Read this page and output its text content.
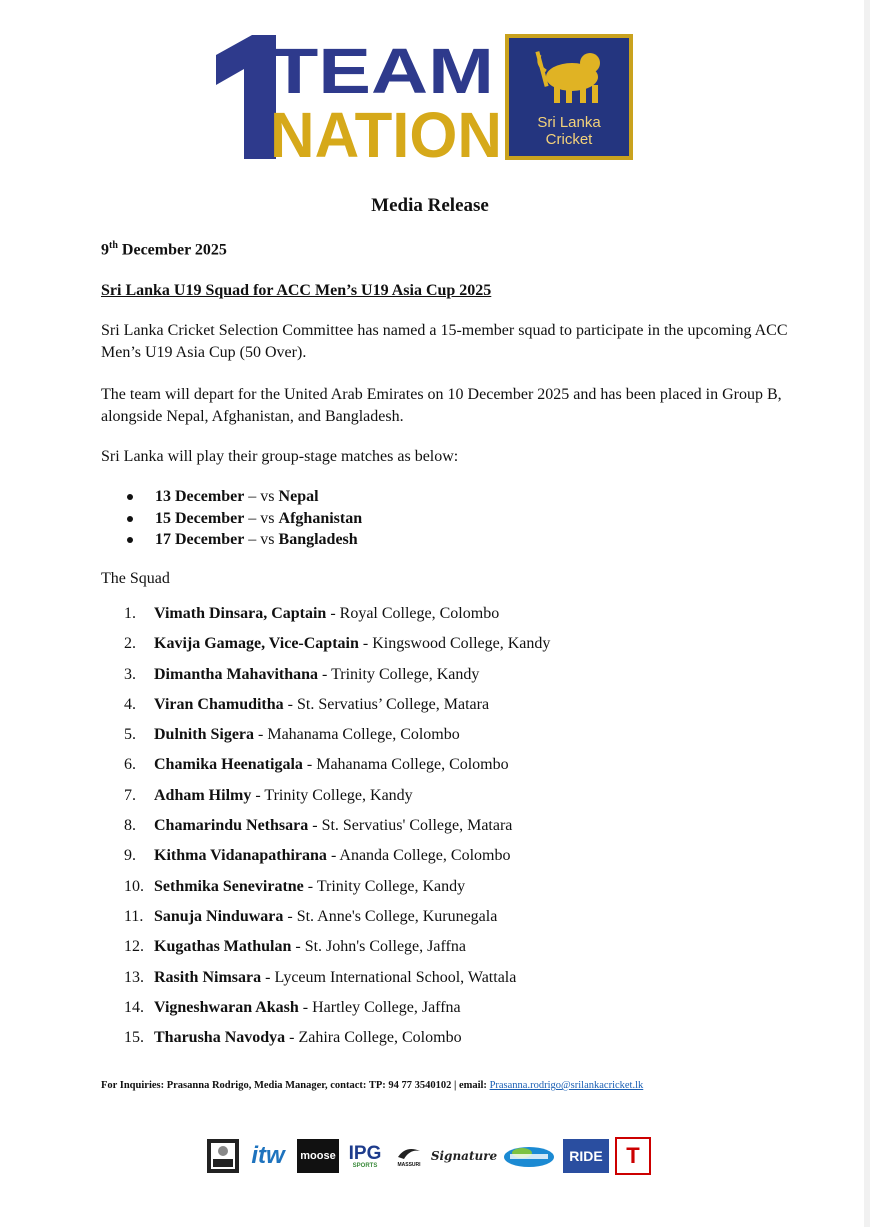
TEAM
NATION Sri Lanka
Cricket
Media Release
9th December 2025
Sri Lanka U19 Squad for ACC Men’s U19 Asia Cup 2025
Sri Lanka Cricket Selection Committee has named a 15-member squad to participate in the upcoming ACC Men’s U19 Asia Cup (50 Over).
The team will depart for the United Arab Emirates on 10 December 2025 and has been placed in Group B, alongside Nepal, Afghanistan, and Bangladesh.
Sri Lanka will play their group-stage matches as below:
13 December – vs Nepal
15 December – vs Afghanistan
17 December – vs Bangladesh
The Squad
1. Vimath Dinsara, Captain - Royal College, Colombo
2. Kavija Gamage, Vice-Captain - Kingswood College, Kandy
3. Dimantha Mahavithana - Trinity College, Kandy
4. Viran Chamuditha - St. Servatius’ College, Matara
5. Dulnith Sigera - Mahanama College, Colombo
6. Chamika Heenatigala - Mahanama College, Colombo
7. Adham Hilmy - Trinity College, Kandy
8. Chamarindu Nethsara - St. Servatius' College, Matara
9. Kithma Vidanapathirana - Ananda College, Colombo
10. Sethmika Seneviratne - Trinity College, Kandy
11. Sanuja Ninduwara - St. Anne's College, Kurunegala
12. Kugathas Mathulan - St. John's College, Jaffna
13. Rasith Nimsara - Lyceum International School, Wattala
14. Vigneshwaran Akash - Hartley College, Jaffna
15. Tharusha Navodya - Zahira College, Colombo
For Inquiries: Prasanna Rodrigo, Media Manager, contact: TP: 94 77 3540102 | email: Prasanna.rodrigo@srilankacricket.lk
itw	moose IPG
SPORTS	MASSURI
Signature	RIDE	T
